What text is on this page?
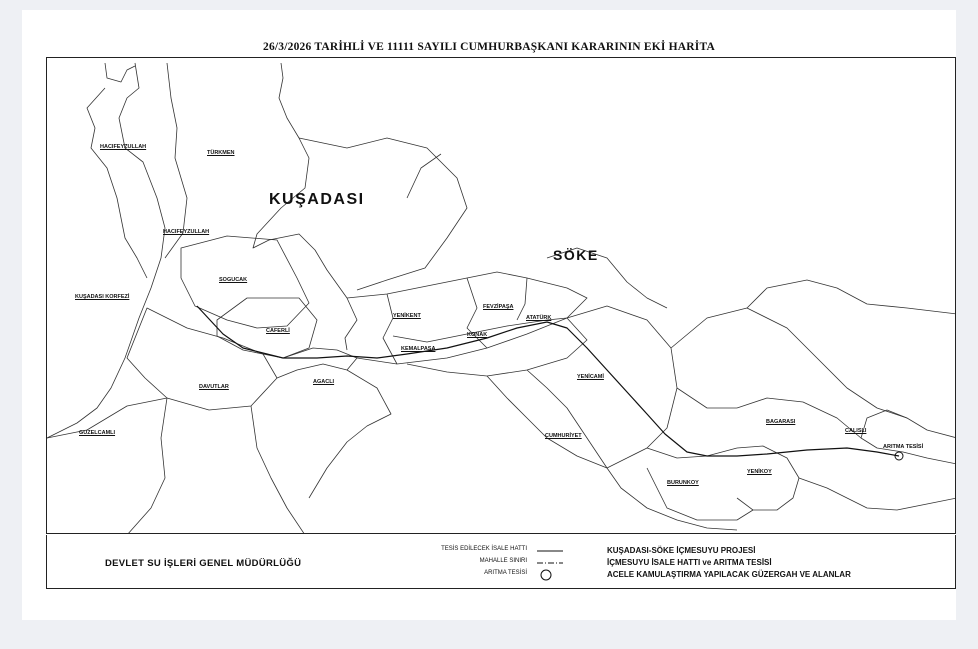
26/3/2026 TARİHLİ VE 11111 SAYILI CUMHURBAŞKANI KARARININ EKİ HARİTA
KUŞADASI
SÖKE
HACIFEYZULLAH
TÜRKMEN
HACIFEYZULLAH
KUŞADASI KORFEZİ
SOGUCAK
CAFERLİ
DAVUTLAR
GUZELCAMLI
AGACLI
YENİKENT
KEMALPAŞA
KONAK
FEVZİPAŞA
ATATÜRK
YENİCAMİ
CUMHURİYET
BURUNKOY
YENİKOY
BAGARASI
CALISLI
ARITMA TESİSİ
DEVLET SU İŞLERİ GENEL MÜDÜRLÜĞÜ
TESİS EDİLECEK İSALE HATTI
MAHALLE SINIRI
ARITMA TESİSİ
KUŞADASI-SÖKE İÇMESUYU PROJESİ
İÇMESUYU İSALE HATTI ve ARITMA TESİSİ
ACELE KAMULAŞTIRMA YAPILACAK GÜZERGAH VE ALANLAR
